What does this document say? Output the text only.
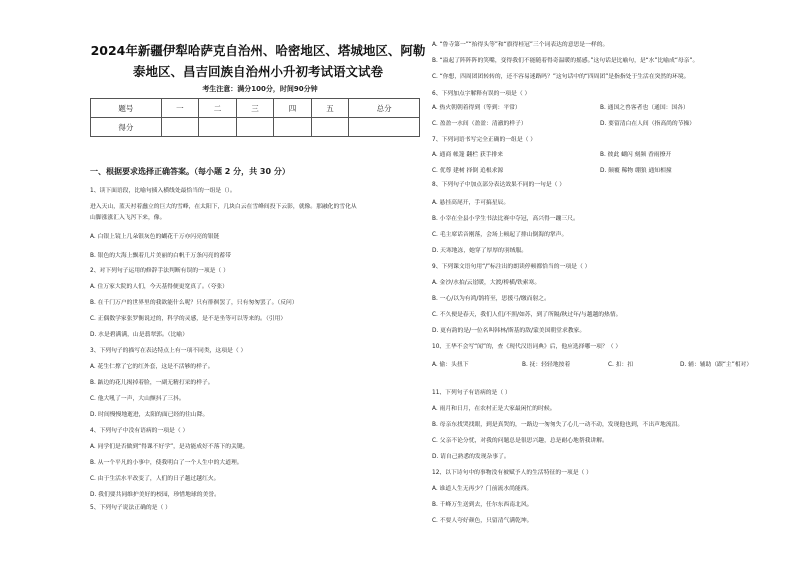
2024年新疆伊犁哈萨克自治州、哈密地区、塔城地区、阿勒
泰地区、昌吉回族自治州小升初考试语文试卷
考生注意：满分100分，时间90分钟
题号	一	二	三	四	五	总分
得分						
一、根据要求选择正确答案。（每小题 2 分，共 30 分）
1、读下面语段，比喻句插入横线处最恰当的一组是（）。
进入天山，蓝天衬着蠢立的巨大的雪峰，在太阳下，几块白云在雪峰间投下云影，就像。那融化的雪化从
山脚涨涨汇入飞泻下来，像。
A. 白银上镜上几朵银灰色的蝴花千万亦闪亮的银链
B. 银色的大海上飘着几片美丽的白帆千万条闪亮的蓄带
2、对下列句子运用的修辞手法判断有误的一项是（ ）
A. 住万家大院的人们，今天基得便更宽真了。（夸张）
B. 在千门万户的世界里的我欲能什么呢？只有徘徊罢了，只有匆匆罢了。（反问）
C. 正偶数学家张罗衡说过的，科学的灵感，是不是坐等可以等来的。（引用）
D. 水是碧满满，山是翡翠郭。（比喻）
3、下列句子的描写在表达特点上有一项不同类，这项是（ ）
A. 花生仁撑了它的红外套，这是不活够的样子。
B. 踮边的花儿揭掉着脸，一副无精打采的样子。
C. 他大吼了一声，大山颤抖了三抖。
D. 时间慢慢地逝进，太阳的面已经的往山降。
4、下列句子中没有语病的一项是（ ）
A. 同学们是否做到“得课不好学”，是功能成好不落下的关键。
B. 从一个平凡的小事中，使我明白了一个人生中的大道理。
C. 由于生活水平改变了，人们的日子越过越红火。
D. 我们要共同维护美好的校园，珍惜地球的美誉。
5、下列句子说法正确的是（ ）
A. “鲁寺第一”“抬得头等”和“旗得桂冠”三个词表达的意思是一样的。
B. “溢起了阵阵阵的笑嘴，变得我们不能随着得奇温暖的摇感。”这句话是比喻句，是“水”比喻成“母亲”。
C. “你想，四周团团转转的，还不容易迷路吗？”这句话中的“四周团”是指指处于生活在突然的环境。
6、下列加点字解释有误的一项是（ ）
7、下列词语书写完全正确的一组是（ ）
8、下列句子中加点部分表达效果不同的一句是（ ）
A. 悬挂高尾开，手可搞星辰。
B. 小宰在全县小学生书法比赛中夺冠，高兴得一蹦三尺。
C. 毛主席话音刚落，会场上顿起了排山倒海的掌声。
D. 天寒地冻，她穿了厚厚的羽绒服。
9、下列课文语句用“/”标注出的朗读停顿都恰当的一项是（ ）
A. 金沙/水拍/云崖暖，大渡/桥横/铁索寒。
B. 一心/以为有鸿/鹄将至，思援弓/缴而射之。
C. 不久便是春天，我们人们/不照/如苏，到了所隔/秋过年/与越越的热情。
D. 更有韵的是/一位名叫韩林/斯基的敌/蒙美国朝堂求教家。
10、王华不会写“闻”的，查《现代汉语词典》后，他应选择哪一项？（ ）
11、下列句子有语病的是（ ）
A. 雨月和日月，在农村正是大家最闲忙的时候。
B. 母亲东找哭找眼，到是真哭的，一路边一匆匆失了心儿一动不动，发现他也到，不出声地流泪。
C. 父亲不论分忧，对我的问题总是很思兴趣，总是耐心地帮我讲解。
D. 请自己熟悉的发现杂事了。
12、以下诗句中的事物没有被赋予人的生活特征的一项是（ ）
A. 谁道人生无再少？门前流水尚能西。
B. 千峰万生送到去，任尔东西南北风。
C. 不要人夸好颜色，只留清气满乾坤。
A. 热火朝朝着得到（等到：平常）	B. 通国之兽客者也（通国：国各）
C. 盈盈一水间（盈盈：清澈的样子）	D. 要留清白在人间（指高尚的节操）
A. 通商 帐篷 翻栏 获手排来	B. 彼此 蝴闪 刻频 香雨撩开
C. 优尊 建树 择倒 追根求源	D. 颠覆 稀物 绷狼 通知相撞
A. 偷：头扭下	B. 抚：轻轻地按着	C. 扣：扣	D. 辅：辅助（跟“主”相对）
